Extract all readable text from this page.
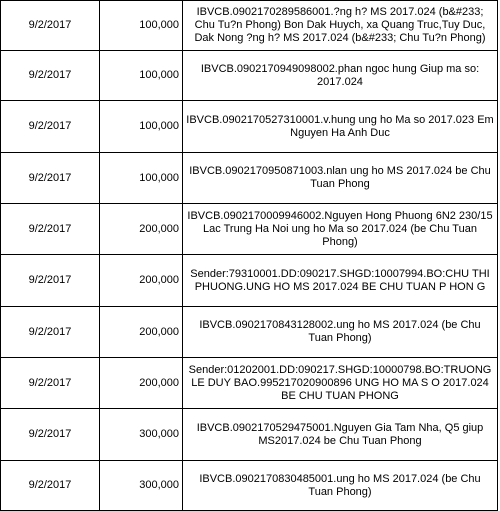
9/2/2017	100,000	IBVCB.0902170289586001.?ng h? MS 2017.024 (b&#233; Chu Tu?n Phong) Bon Dak Huych, xa Quang Truc,Tuy Duc, Dak Nong ?ng h? MS 2017.024 (b&#233; Chu Tu?n Phong)
9/2/2017	100,000	IBVCB.0902170949098002.phan ngoc hung Giup ma so: 2017.024
9/2/2017	100,000	IBVCB.0902170527310001.v.hung ung ho Ma so 2017.023 Em Nguyen Ha Anh Duc
9/2/2017	100,000	IBVCB.0902170950871003.nlan ung ho MS 2017.024 be Chu Tuan Phong
9/2/2017	200,000	IBVCB.0902170009946002.Nguyen Hong Phuong 6N2 230/15 Lac Trung Ha Noi ung ho Ma so 2017.024 (be Chu Tuan Phong)
9/2/2017	200,000	Sender:79310001.DD:090217.SHGD:10007994.BO:CHU THI PHUONG.UNG HO MS 2017.024 BE CHU TUAN P HON G
9/2/2017	200,000	IBVCB.0902170843128002.ung ho MS 2017.024 (be Chu Tuan Phong)
9/2/2017	200,000	Sender:01202001.DD:090217.SHGD:10000798.BO:TRUONG LE DUY BAO.995217020900896 UNG HO MA S O 2017.024 BE CHU TUAN PHONG
9/2/2017	300,000	IBVCB.0902170529475001.Nguyen Gia Tam Nha, Q5 giup MS2017.024 be Chu Tuan Phong
9/2/2017	300,000	IBVCB.0902170830485001.ung ho MS 2017.024 (be Chu Tuan Phong)
